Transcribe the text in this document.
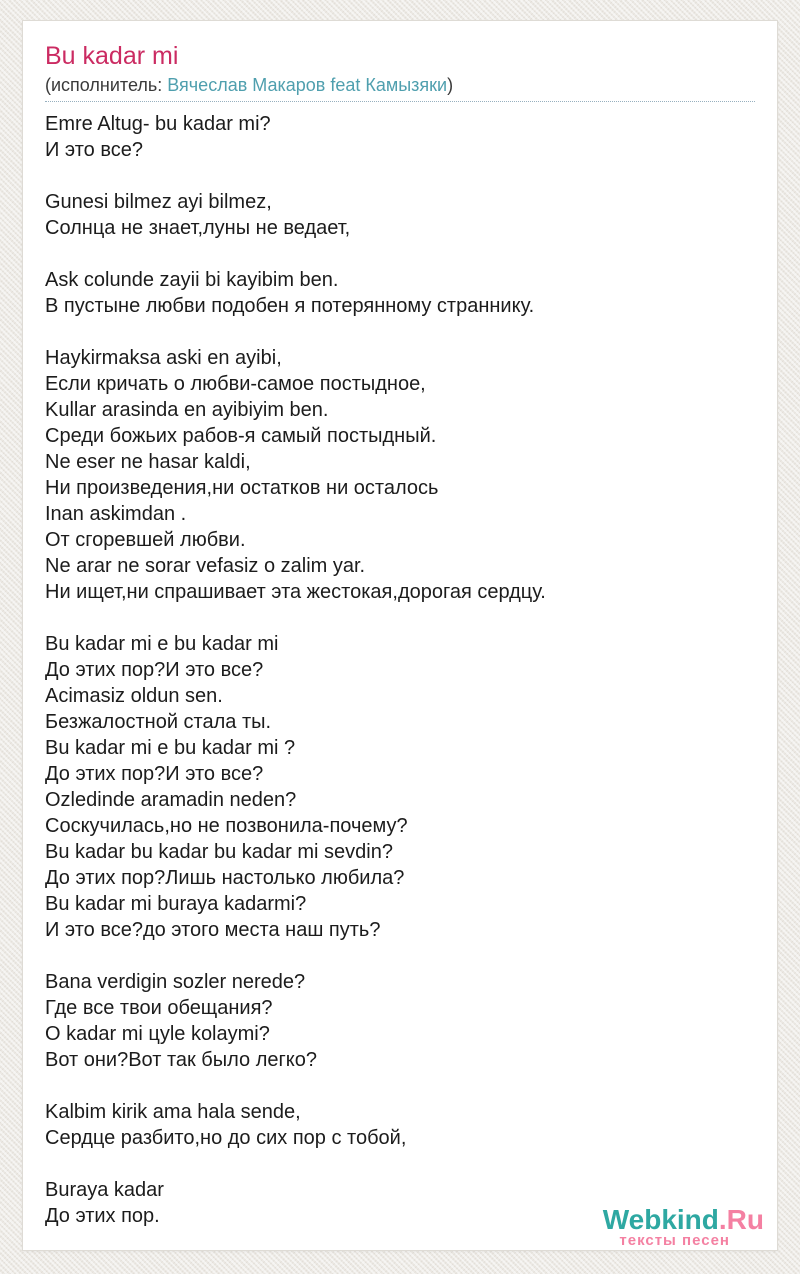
Bu kadar mi
(исполнитель: Вячеслав Макаров feat Камызяки)
Emre Altug- bu kadar mi?
И это все?
Gunesi bilmez ayi bilmez,
Солнца не знает,луны не ведает,
Ask colunde zayii bi kayibim ben.
В пустыне любви подобен я потерянному страннику.
Haykirmaksa aski en ayibi,
Если кричать о любви-самое постыдное,
Kullar arasinda en ayibiyim ben.
Среди божьих рабов-я самый постыдный.
Ne eser ne hasar kaldi,
Ни произведения,ни остатков ни осталось
Inan askimdan .
От сгоревшей любви.
Ne arar ne sorar vefasiz o zalim yar.
Ни ищет,ни спрашивает эта жестокая,дорогая сердцу.
Bu kadar mi e bu kadar mi
До этих пор?И это все?
Acimasiz oldun sen.
Безжалостной стала ты.
Bu kadar mi e bu kadar mi ?
До этих пор?И это все?
Ozledinde aramadin neden?
Соскучилась,но не позвонила-почему?
Bu kadar bu kadar bu kadar mi sevdin?
До этих пор?Лишь настолько любила?
Bu kadar mi buraya kadarmi?
И это все?до этого места наш путь?
Bana verdigin sozler nerede?
Где все твои обещания?
O kadar mi цyle kolaymi?
Вот они?Вот так было легко?
Kalbim kirik ama hala sende,
Сердце разбито,но до сих пор с тобой,
Buraya kadar
До этих пор.	Webkind.Ru
тексты песен
